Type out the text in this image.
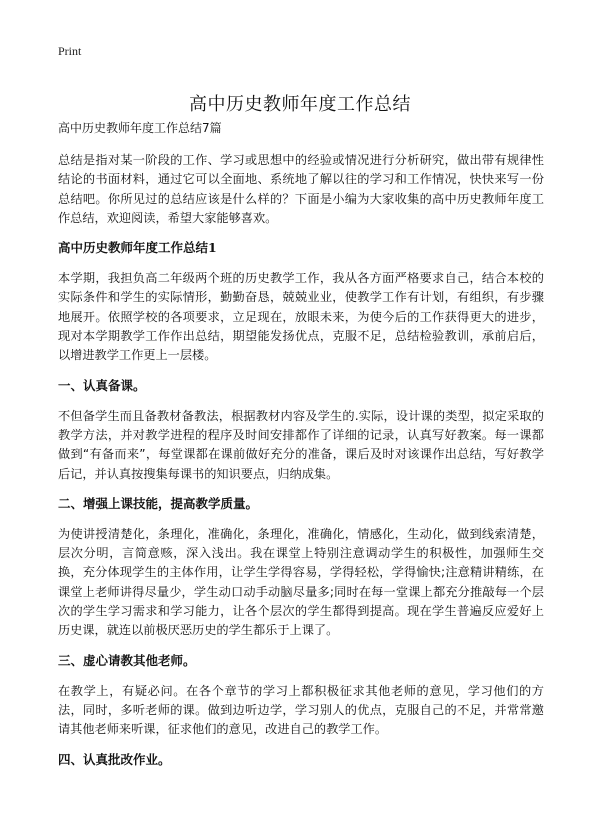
Print
高中历史教师年度工作总结
高中历史教师年度工作总结7篇

总结是指对某一阶段的工作、学习或思想中的经验或情况进行分析研究，做出带有规律性结论的书面材料，通过它可以全面地、系统地了解以往的学习和工作情况，快快来写一份总结吧。你所见过的总结应该是什么样的？下面是小编为大家收集的高中历史教师年度工作总结，欢迎阅读，希望大家能够喜欢。

高中历史教师年度工作总结1

本学期，我担负高二年级两个班的历史教学工作，我从各方面严格要求自己，结合本校的实际条件和学生的实际情形，勤勤奋恳，兢兢业业，使教学工作有计划，有组织，有步骤地展开。依照学校的各项要求，立足现在，放眼未来，为使今后的工作获得更大的进步，现对本学期教学工作作出总结，期望能发扬优点，克服不足，总结检验教训，承前启后，以增进教学工作更上一层楼。

一、认真备课。

不但备学生而且备教材备教法，根据教材内容及学生的.实际，设计课的类型，拟定采取的教学方法，并对教学进程的程序及时间安排都作了详细的记录，认真写好教案。每一课都做到“有备而来”，每堂课都在课前做好充分的准备，课后及时对该课作出总结，写好教学后记，并认真按搜集每课书的知识要点，归纳成集。

二、增强上课技能，提高教学质量。

为使讲授清楚化，条理化，准确化，条理化，准确化，情感化，生动化，做到线索清楚，层次分明，言简意赅，深入浅出。我在课堂上特别注意调动学生的积极性，加强师生交换，充分体现学生的主体作用，让学生学得容易，学得轻松，学得愉快;注意精讲精练，在课堂上老师讲得尽量少，学生动口动手动脑尽量多;同时在每一堂课上都充分推敲每一个层次的学生学习需求和学习能力，让各个层次的学生都得到提高。现在学生普遍反应爱好上历史课，就连以前极厌恶历史的学生都乐于上课了。

三、虚心请教其他老师。

在教学上，有疑必问。在各个章节的学习上都积极征求其他老师的意见，学习他们的方法，同时，多听老师的课。做到边听边学，学习别人的优点，克服自己的不足，并常常邀请其他老师来听课，征求他们的意见，改进自己的教学工作。

四、认真批改作业。
